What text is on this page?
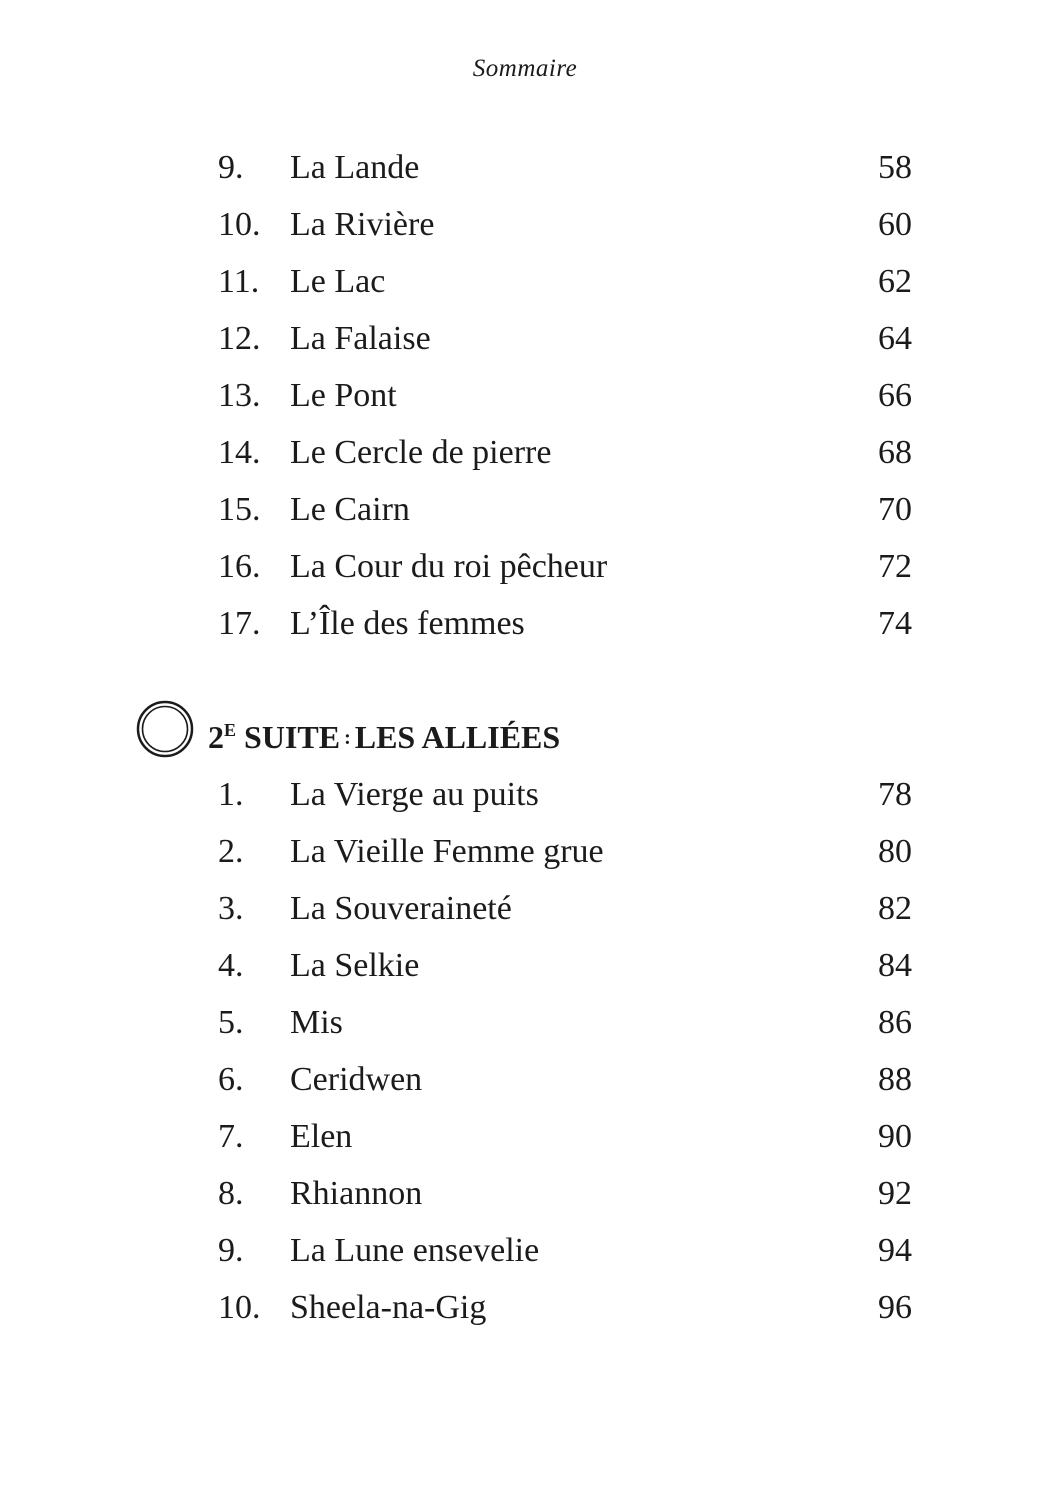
Sommaire
9. La Lande	58
10. La Rivière	60
11. Le Lac	62
12. La Falaise	64
13. Le Pont	66
14. Le Cercle de pierre	68
15. Le Cairn	70
16. La Cour du roi pêcheur	72
17. L’Île des femmes	74
$2^E$ SUITE : LES ALLIÉES
1. La Vierge au puits	78
2. La Vieille Femme grue	80
3. La Souveraineté	82
4. La Selkie	84
5. Mis	86
6. Ceridwen	88
7. Elen	90
8. Rhiannon	92
9. La Lune ensevelie	94
10. Sheela-na-Gig	96
